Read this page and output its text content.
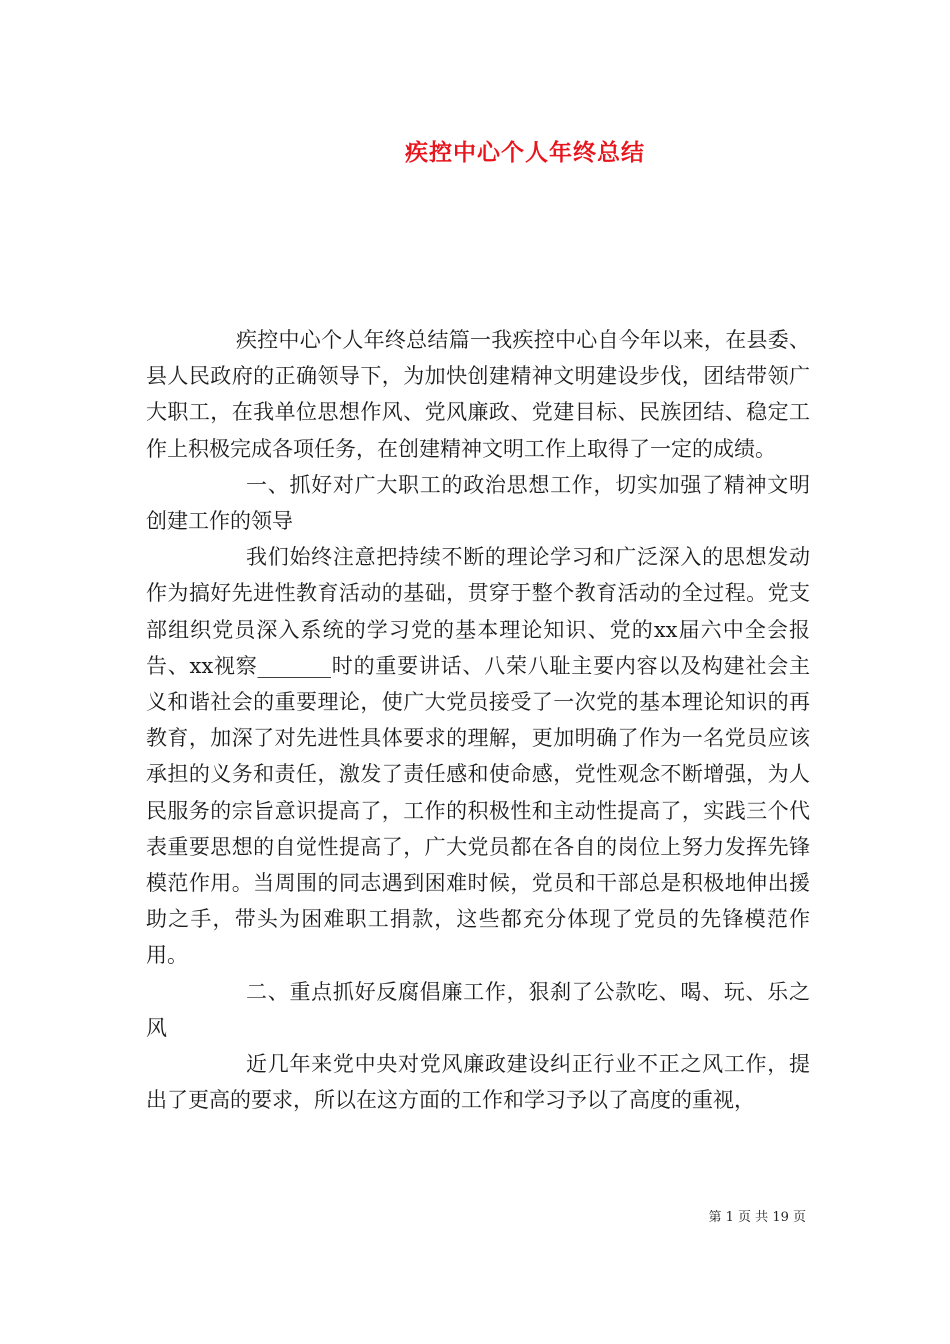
疾控中心个人年终总结

疾控中心个人年终总结篇一我疾控中心自今年以来，在县委、县人民政府的正确领导下，为加快创建精神文明建设步伐，团结带领广大职工，在我单位思想作风、党风廉政、党建目标、民族团结、稳定工作上积极完成各项任务，在创建精神文明工作上取得了一定的成绩。

一、抓好对广大职工的政治思想工作，切实加强了精神文明创建工作的领导

我们始终注意把持续不断的理论学习和广泛深入的思想发动作为搞好先进性教育活动的基础，贯穿于整个教育活动的全过程。党支部组织党员深入系统的学习党的基本理论知识、党的xx届六中全会报告、xx视察_______时的重要讲话、八荣八耻主要内容以及构建社会主义和谐社会的重要理论，使广大党员接受了一次党的基本理论知识的再教育，加深了对先进性具体要求的理解，更加明确了作为一名党员应该承担的义务和责任，激发了责任感和使命感，党性观念不断增强，为人民服务的宗旨意识提高了，工作的积极性和主动性提高了，实践三个代表重要思想的自觉性提高了，广大党员都在各自的岗位上努力发挥先锋模范作用。当周围的同志遇到困难时候，党员和干部总是积极地伸出援助之手，带头为困难职工捐款，这些都充分体现了党员的先锋模范作用。

二、重点抓好反腐倡廉工作，狠刹了公款吃、喝、玩、乐之风

近几年来党中央对党风廉政建设纠正行业不正之风工作，提出了更高的要求，所以在这方面的工作和学习予以了高度的重视，

第 1 页 共 19 页
